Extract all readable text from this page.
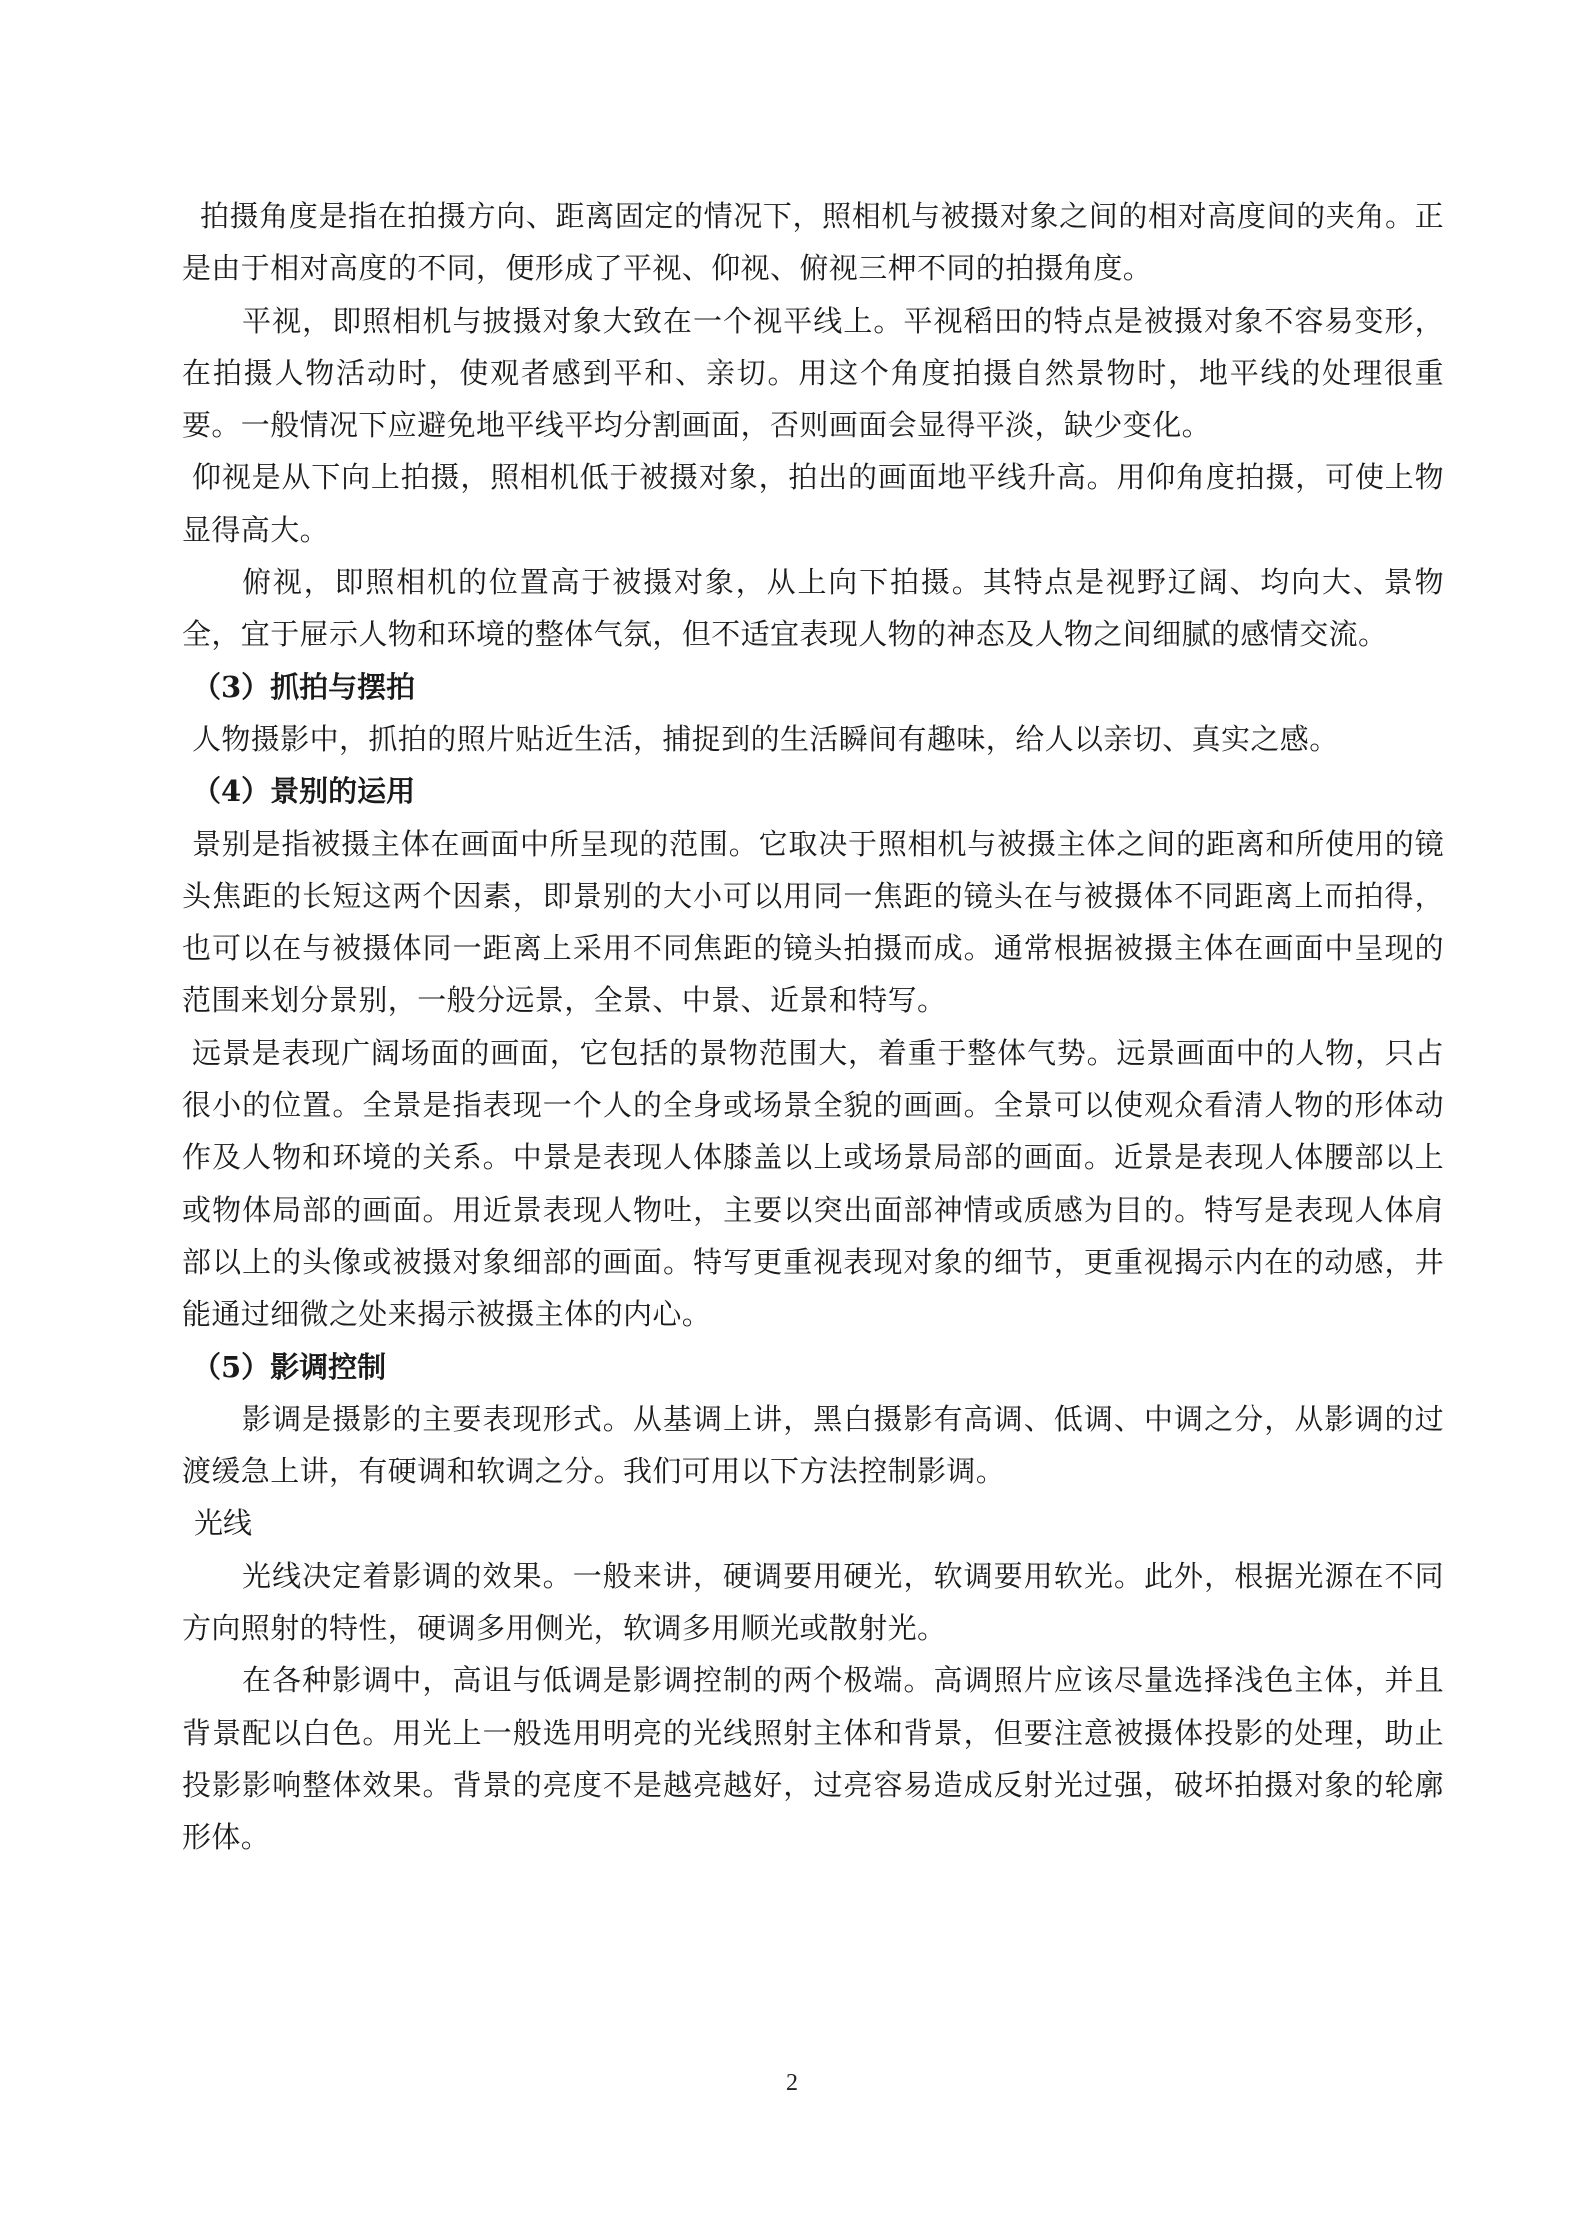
拍摄角度是指在拍摄方向、距离固定的情况下，照相机与被摄对象之间的相对高度间的夹角。正是由于相对高度的不同，便形成了平视、仰视、俯视三柙不同的拍摄角度。

平视，即照相机与披摄对象大致在一个视平线上。平视稻田的特点是被摄对象不容易变形，在拍摄人物活动时，使观者感到平和、亲切。用这个角度拍摄自然景物时，地平线的处理很重要。一般情况下应避免地平线平均分割画面，否则画面会显得平淡，缺少变化。

仰视是从下向上拍摄，照相机低于被摄对象，拍出的画面地平线升高。用仰角度拍摄，可使上物显得高大。

俯视，即照相机的位置高于被摄对象，从上向下拍摄。其特点是视野辽阔、均向大、景物全，宜于屉示人物和环境的整体气氛，但不适宜表现人物的神态及人物之间细腻的感情交流。

（3）抓拍与摆拍

人物摄影中，抓拍的照片贴近生活，捕捉到的生活瞬间有趣味，给人以亲切、真实之感。

（4）景别的运用

景别是指被摄主体在画面中所呈现的范围。它取决于照相机与被摄主体之间的距离和所使用的镜头焦距的长短这两个因素，即景别的大小可以用同一焦距的镜头在与被摄体不同距离上而拍得，也可以在与被摄体同一距离上采用不同焦距的镜头拍摄而成。通常根据被摄主体在画面中呈现的范围来划分景别，一般分远景，全景、中景、近景和特写。

远景是表现广阔场面的画面，它包括的景物范围大，着重于整体气势。远景画面中的人物，只占很小的位置。全景是指表现一个人的全身或场景全貌的画画。全景可以使观众看清人物的形体动作及人物和环境的关系。中景是表现人体膝盖以上或场景局部的画面。近景是表现人体腰部以上或物体局部的画面。用近景表现人物吐，主要以突出面部神情或质感为目的。特写是表现人体肩部以上的头像或被摄对象细部的画面。特写更重视表现对象的细节，更重视揭示内在的动感，井能通过细微之处来揭示被摄主体的内心。

（5）影调控制

影调是摄影的主要表现形式。从基调上讲，黑白摄影有高调、低调、中调之分，从影调的过渡缓急上讲，有硬调和软调之分。我们可用以下方法控制影调。

光线

光线决定着影调的效果。一般来讲，硬调要用硬光，软调要用软光。此外，根据光源在不同方向照射的特性，硬调多用侧光，软调多用顺光或散射光。

在各种影调中，高诅与低调是影调控制的两个极端。高调照片应该尽量选择浅色主体，并且背景配以白色。用光上一般选用明亮的光线照射主体和背景，但要注意被摄体投影的处理，助止投影影响整体效果。背景的亮度不是越亮越好，过亮容易造成反射光过强，破坏拍摄对象的轮廓形体。

2
